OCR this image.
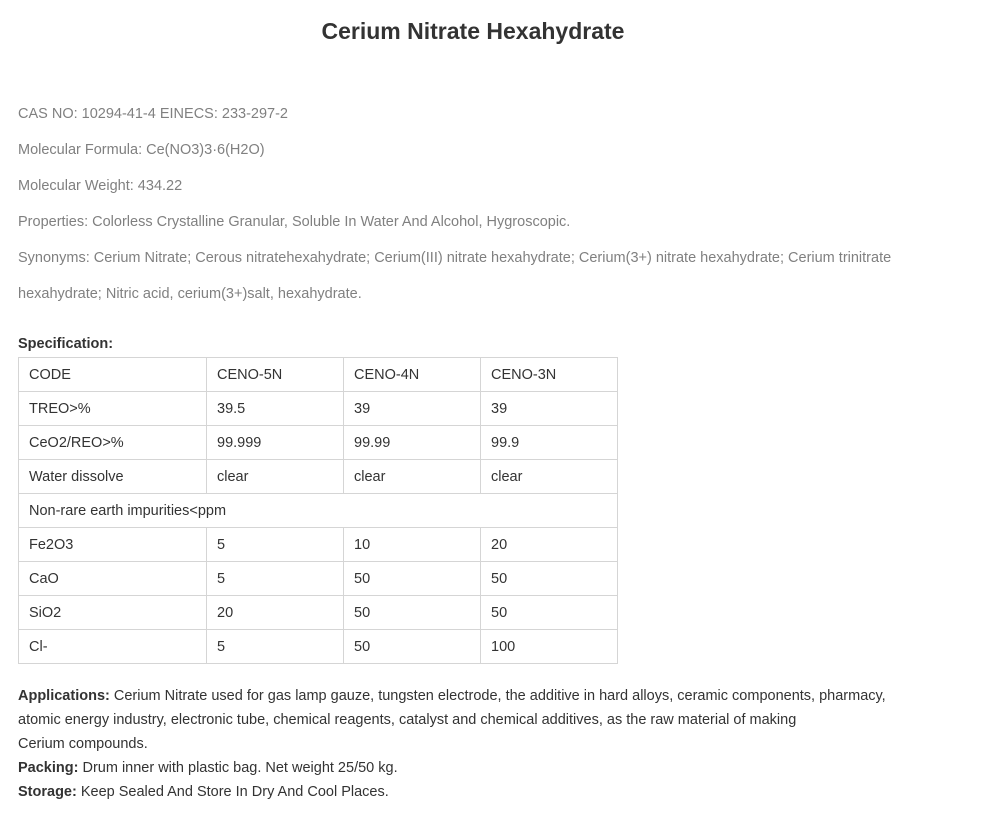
Cerium Nitrate Hexahydrate

CAS NO: 10294-41-4 EINECS: 233-297-2

Molecular Formula: Ce(NO3)3·6(H2O)

Molecular Weight: 434.22

Properties: Colorless Crystalline Granular, Soluble In Water And Alcohol, Hygroscopic.

Synonyms: Cerium Nitrate; Cerous nitratehexahydrate; Cerium(III) nitrate hexahydrate; Cerium(3+) nitrate hexahydrate; Cerium trinitrate
hexahydrate; Nitric acid, cerium(3+)salt, hexahydrate.

Specification:
CODE	CENO-5N	CENO-4N	CENO-3N
TREO>%	39.5	39	39
CeO2/REO>%	99.999	99.99	99.9
Water dissolve	clear	clear	clear
Non-rare earth impurities<ppm			
Fe2O3	5	10	20
CaO	5	50	50
SiO2	20	50	50
Cl-	5	50	100

Applications: Cerium Nitrate used for gas lamp gauze, tungsten electrode, the additive in hard alloys, ceramic components, pharmacy,
atomic energy industry, electronic tube, chemical reagents, catalyst and chemical additives, as the raw material of making
Cerium compounds.

Packing: Drum inner with plastic bag. Net weight 25/50 kg.

Storage: Keep Sealed And Store In Dry And Cool Places.
